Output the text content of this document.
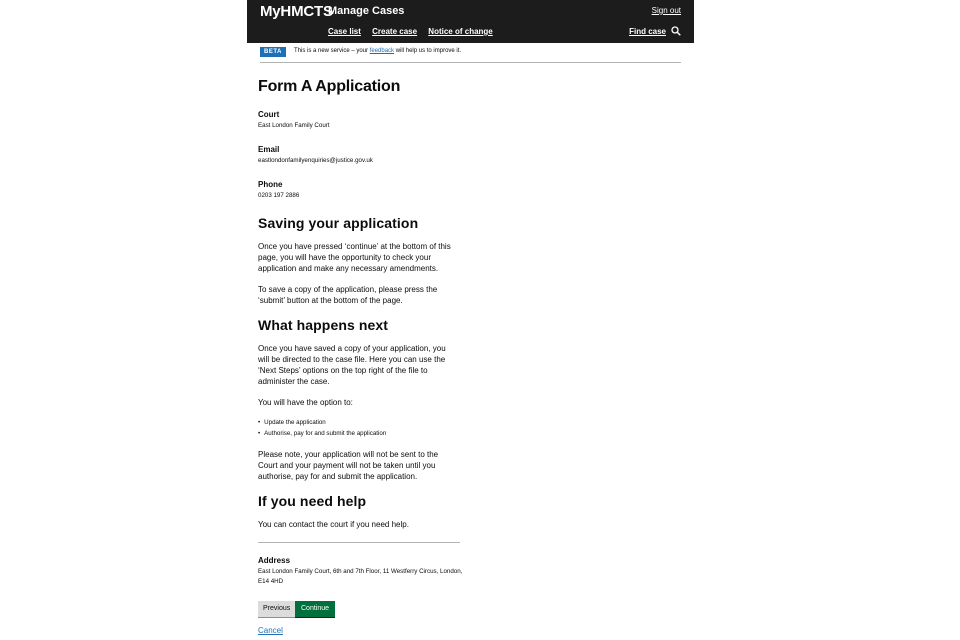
MyHMCTS
Manage Cases	Sign out
Case list Create case Notice of change	Find case
BETA	This is a new service – your feedback will help us to improve it.
Form A Application
Court
East London Family Court
Email
eastlondonfamilyenquiries@justice.gov.uk
Phone
0203 197 2886
Saving your application
Once you have pressed ‘continue’ at the bottom of this page, you will have the opportunity to check your application and make any necessary amendments.
To save a copy of the application, please press the ‘submit’ button at the bottom of the page.
What happens next
Once you have saved a copy of your application, you will be directed to the case file. Here you can use the ‘Next Steps’ options on the top right of the file to administer the case.
You will have the option to:
• Update the application
• Authorise, pay for and submit the application
Please note, your application will not be sent to the Court and your payment will not be taken until you authorise, pay for and submit the application.
If you need help
You can contact the court if you need help.
Address
East London Family Court, 6th and 7th Floor, 11 Westferry Circus, London, E14 4HD
Previous	Continue
Cancel
